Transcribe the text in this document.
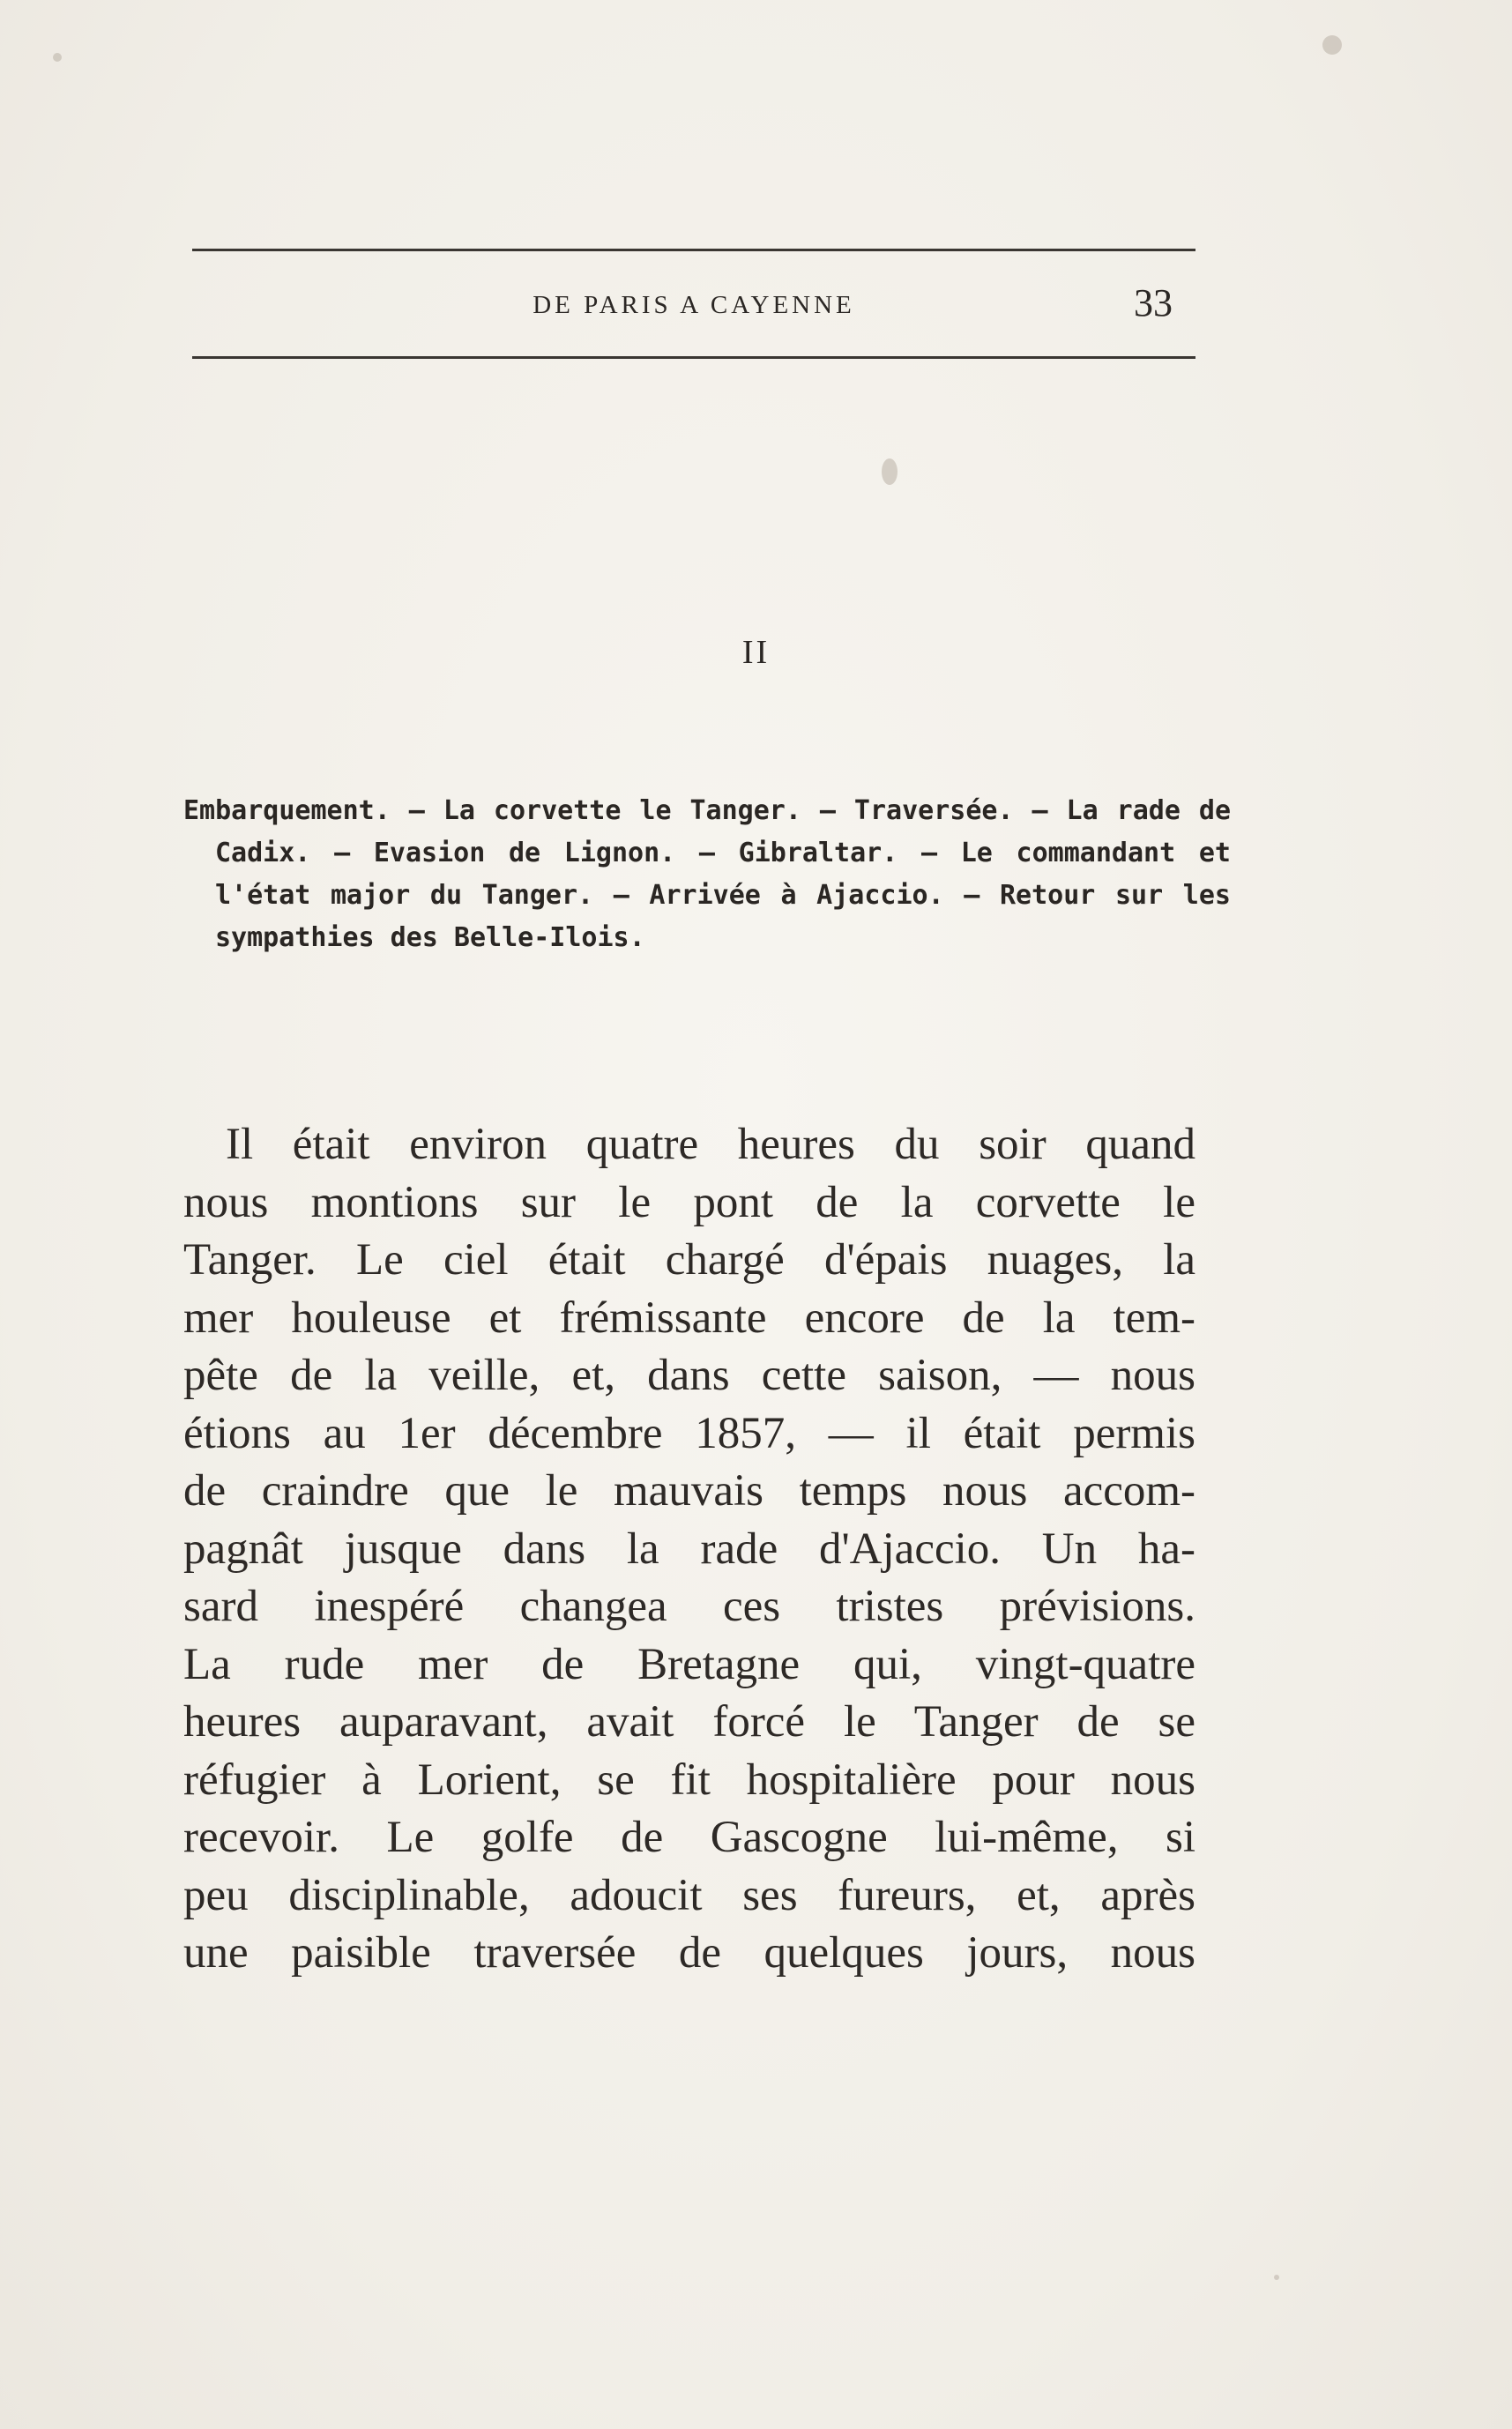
DE PARIS A CAYENNE	33
II
Embarquement. — La corvette le Tanger. — Traversée. — La rade de Cadix. — Evasion de Lignon. — Gibraltar. — Le commandant et l'état major du Tanger. — Arrivée à Ajaccio. — Retour sur les sympathies des Belle-Ilois.
Il était environ quatre heures du soir quand
nous montions sur le pont de la corvette le
Tanger. Le ciel était chargé d'épais nuages, la
mer houleuse et frémissante encore de la tem-
pête de la veille, et, dans cette saison, — nous
étions au 1er décembre 1857, — il était permis
de craindre que le mauvais temps nous accom-
pagnât jusque dans la rade d'Ajaccio. Un ha-
sard inespéré changea ces tristes prévisions.
La rude mer de Bretagne qui, vingt-quatre
heures auparavant, avait forcé le Tanger de se
réfugier à Lorient, se fit hospitalière pour nous
recevoir. Le golfe de Gascogne lui-même, si
peu disciplinable, adoucit ses fureurs, et, après
une paisible traversée de quelques jours, nous
